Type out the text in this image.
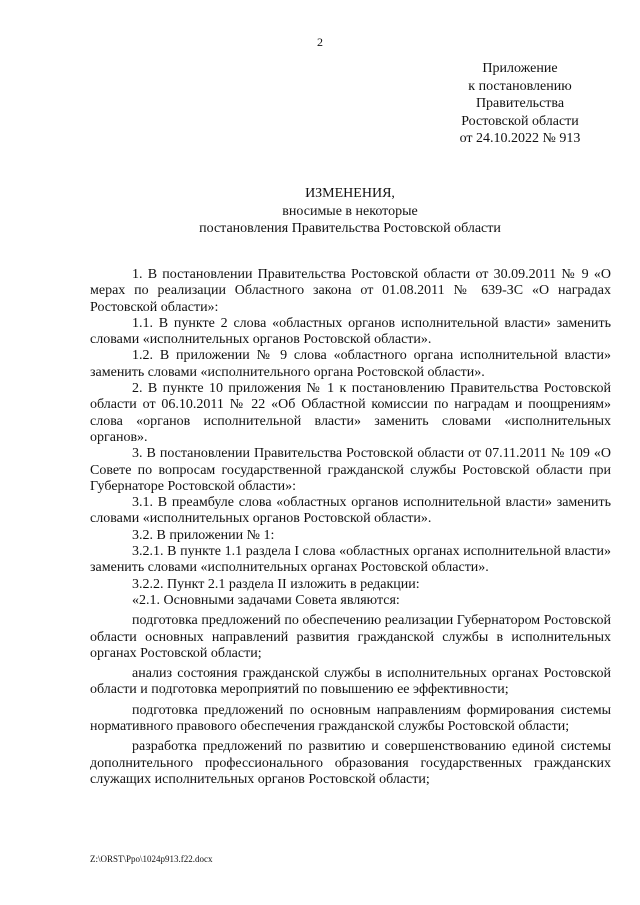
2
Приложение
к постановлению
Правительства
Ростовской области
от 24.10.2022 № 913
ИЗМЕНЕНИЯ,
вносимые в некоторые
постановления Правительства Ростовской области

1. В постановлении Правительства Ростовской области от 30.09.2011 № 9 «О мерах по реализации Областного закона от 01.08.2011 № 639-ЗС «О наградах Ростовской области»:

1.1. В пункте 2 слова «областных органов исполнительной власти» заменить словами «исполнительных органов Ростовской области».

1.2. В приложении № 9 слова «областного органа исполнительной власти» заменить словами «исполнительного органа Ростовской области».

2. В пункте 10 приложения № 1 к постановлению Правительства Ростовской области от 06.10.2011 № 22 «Об Областной комиссии по наградам и поощрениям» слова «органов исполнительной власти» заменить словами «исполнительных органов».

3. В постановлении Правительства Ростовской области от 07.11.2011 № 109 «О Совете по вопросам государственной гражданской службы Ростовской области при Губернаторе Ростовской области»:

3.1. В преамбуле слова «областных органов исполнительной власти» заменить словами «исполнительных органов Ростовской области».

3.2. В приложении № 1:

3.2.1. В пункте 1.1 раздела I слова «областных органах исполнительной власти» заменить словами «исполнительных органах Ростовской области».

3.2.2. Пункт 2.1 раздела II изложить в редакции:

«2.1. Основными задачами Совета являются:

подготовка предложений по обеспечению реализации Губернатором Ростовской области основных направлений развития гражданской службы в исполнительных органах Ростовской области;

анализ состояния гражданской службы в исполнительных органах Ростовской области и подготовка мероприятий по повышению ее эффективности;

подготовка предложений по основным направлениям формирования системы нормативного правового обеспечения гражданской службы Ростовской области;

разработка предложений по развитию и совершенствованию единой системы дополнительного профессионального образования государственных гражданских служащих исполнительных органов Ростовской области;

Z:\ORST\Ppo\1024p913.f22.docx
